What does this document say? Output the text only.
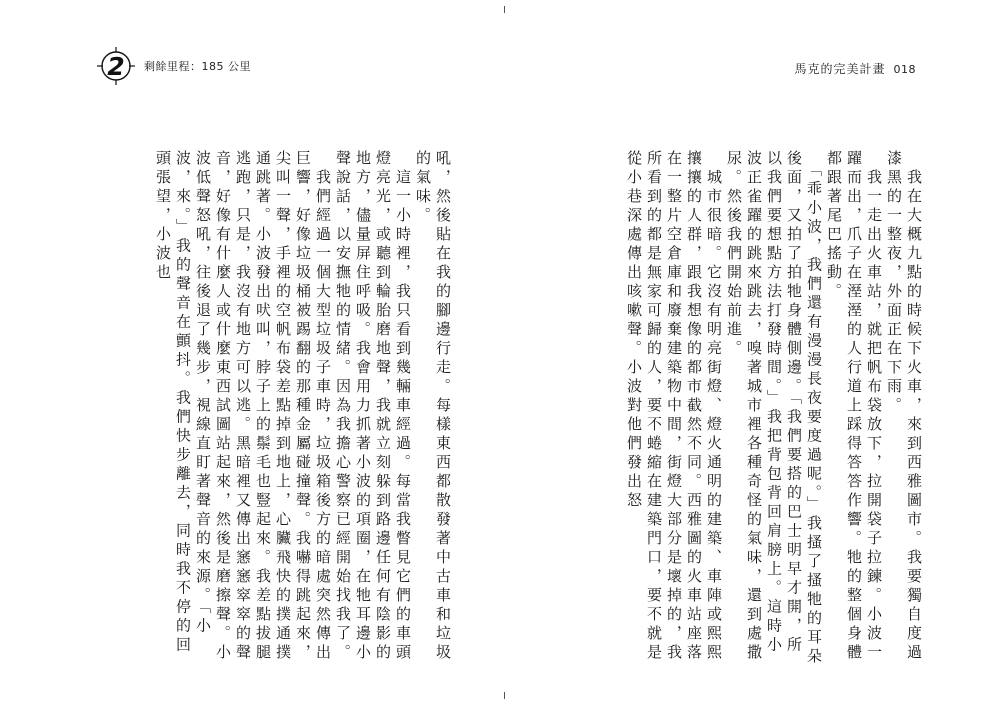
2	剩餘里程：185 公里	馬克的完美計畫 018

　我在大概九點的時候下火車，來到西雅圖市。我要獨自度過漆黑的一整夜，外面正在下雨。

　我一走出火車站，就把帆布袋放下，拉開袋子拉鍊。小波一躍而出，爪子在溼溼的人行道上踩得答答作響。牠的整個身體都跟著尾巴搖動。

　「乖小波，我們還有漫漫長夜要度過呢。」我搔了搔牠的耳朵後面，又拍了拍牠身體側邊。「我們要搭的巴士明早才開，所以我們要想點方法打發時間。」我把背包背回肩膀上。這時小波正雀躍的跳來跳去，嗅著城市裡各種奇怪的氣味，還到處撒尿。然後我們開始前進。

　城市很暗。它沒有明亮街燈、燈火通明的建築、車陣或熙熙攘攘的人群，跟我想像的都市截然不同。西雅圖的火車站座落在一整片空倉庫和廢棄建築物中間，街燈大部分是壞掉的，我所看到的都是無家可歸的人，要不蜷縮在建築門口，要不就是從小巷深處傳出咳嗽聲。小波對他們發出怒

吼，然後貼在我的腳邊行走。每樣東西都散發著中古車和垃圾的氣味。

　這一小時裡，我只看到幾輛車經過。每當我瞥見它們的車頭燈亮光，或聽到輪胎磨地聲，我就立刻躲到路邊任何有陰影的地方，儘量屏住呼吸。我會用力抓著小波的項圈，在牠耳邊小聲說話，以安撫牠的情緒。因為我擔心警察已經開始找我了。

　我們經過一個大型垃圾子車時，垃圾箱後方的暗處突然傳出巨響，好像垃圾桶被踢翻的那種金屬碰撞聲。我嚇得跳起來，尖叫一聲，手裡的空帆布袋差點掉到地上，心臟飛快的撲通撲通跳著。小波發出吠叫，脖子上的鬃毛也豎起來。我差點拔腿逃跑，只是，我沒有地方可以逃。黑暗裡又傳出窸窸窣窣的聲音，好像有什麼人或什麼東西試圖站起來，然後是磨擦聲。小波低聲怒吼，往後退了幾步，視線直盯著聲音的來源。「小波，來。」我的聲音在顫抖。我們快步離去，同時我不停的回頭張望，小波也
